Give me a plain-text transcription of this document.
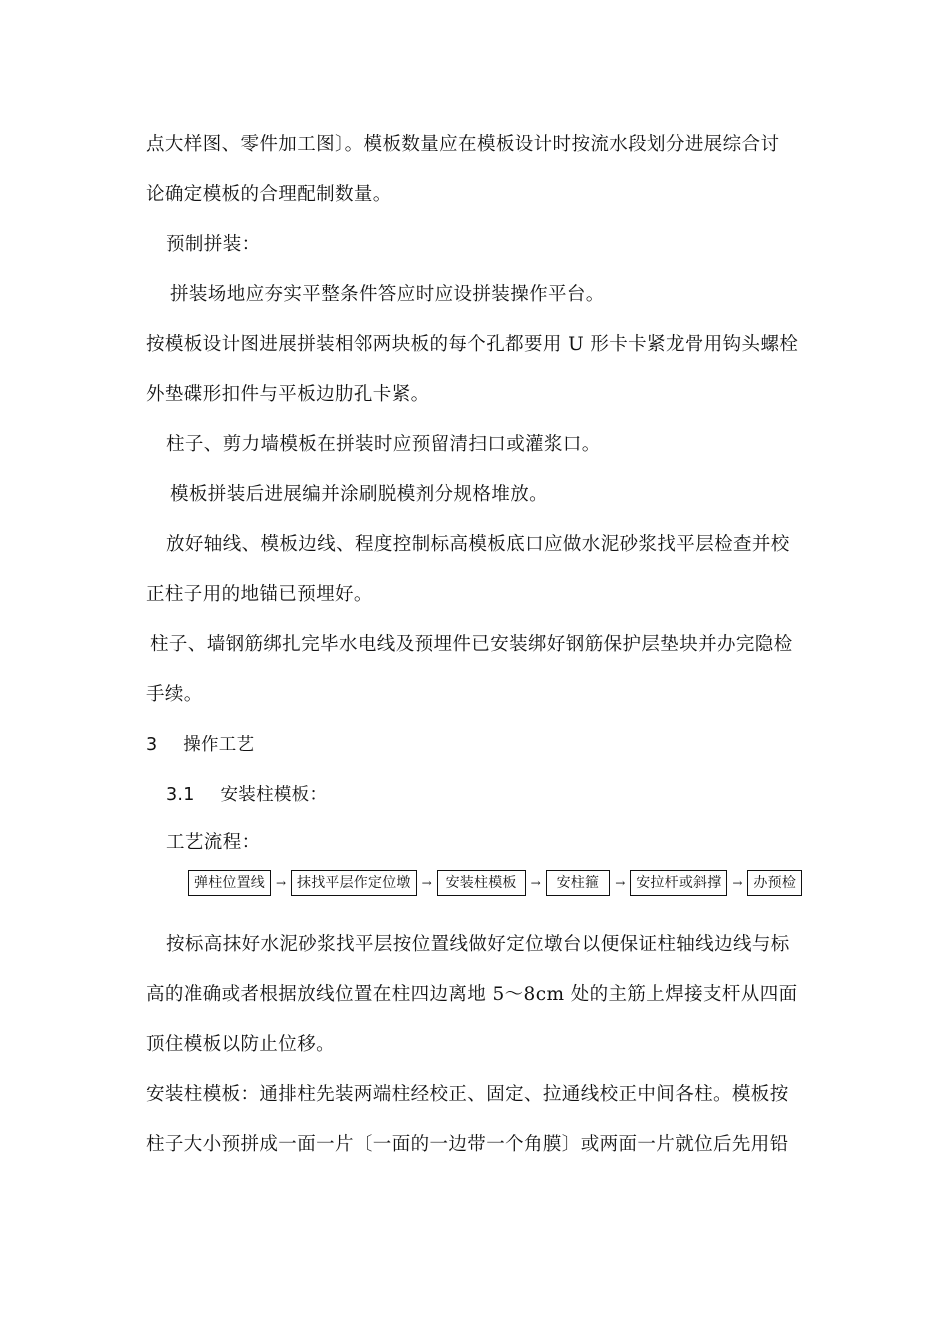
点大样图、零件加工图〕。模板数量应在模板设计时按流水段划分进展综合讨
论确定模板的合理配制数量。
预制拼装：
拼装场地应夯实平整条件答应时应设拼装操作平台。
按模板设计图进展拼装相邻两块板的每个孔都要用 U 形卡卡紧龙骨用钩头螺栓
外垫碟形扣件与平板边肋孔卡紧。
柱子、剪力墙模板在拼装时应预留清扫口或灌浆口。
模板拼装后进展编并涂刷脱模剂分规格堆放。
放好轴线、模板边线、程度控制标高模板底口应做水泥砂浆找平层检查并校
正柱子用的地锚已预埋好。
柱子、墙钢筋绑扎完毕水电线及预埋件已安装绑好钢筋保护层垫块并办完隐检
手续。
3 操作工艺
3.1 安装柱模板：
工艺流程：
弹柱位置线 → 抹找平层作定位墩 → 安装柱模板	→	安柱箍	→ 安拉杆或斜撑 → 办预检
按标高抹好水泥砂浆找平层按位置线做好定位墩台以便保证柱轴线边线与标
高的准确或者根据放线位置在柱四边离地 5～8cm 处的主筋上焊接支杆从四面
顶住模板以防止位移。
安装柱模板：通排柱先装两端柱经校正、固定、拉通线校正中间各柱。模板按
柱子大小预拼成一面一片〔一面的一边带一个角膜〕或两面一片就位后先用铅
